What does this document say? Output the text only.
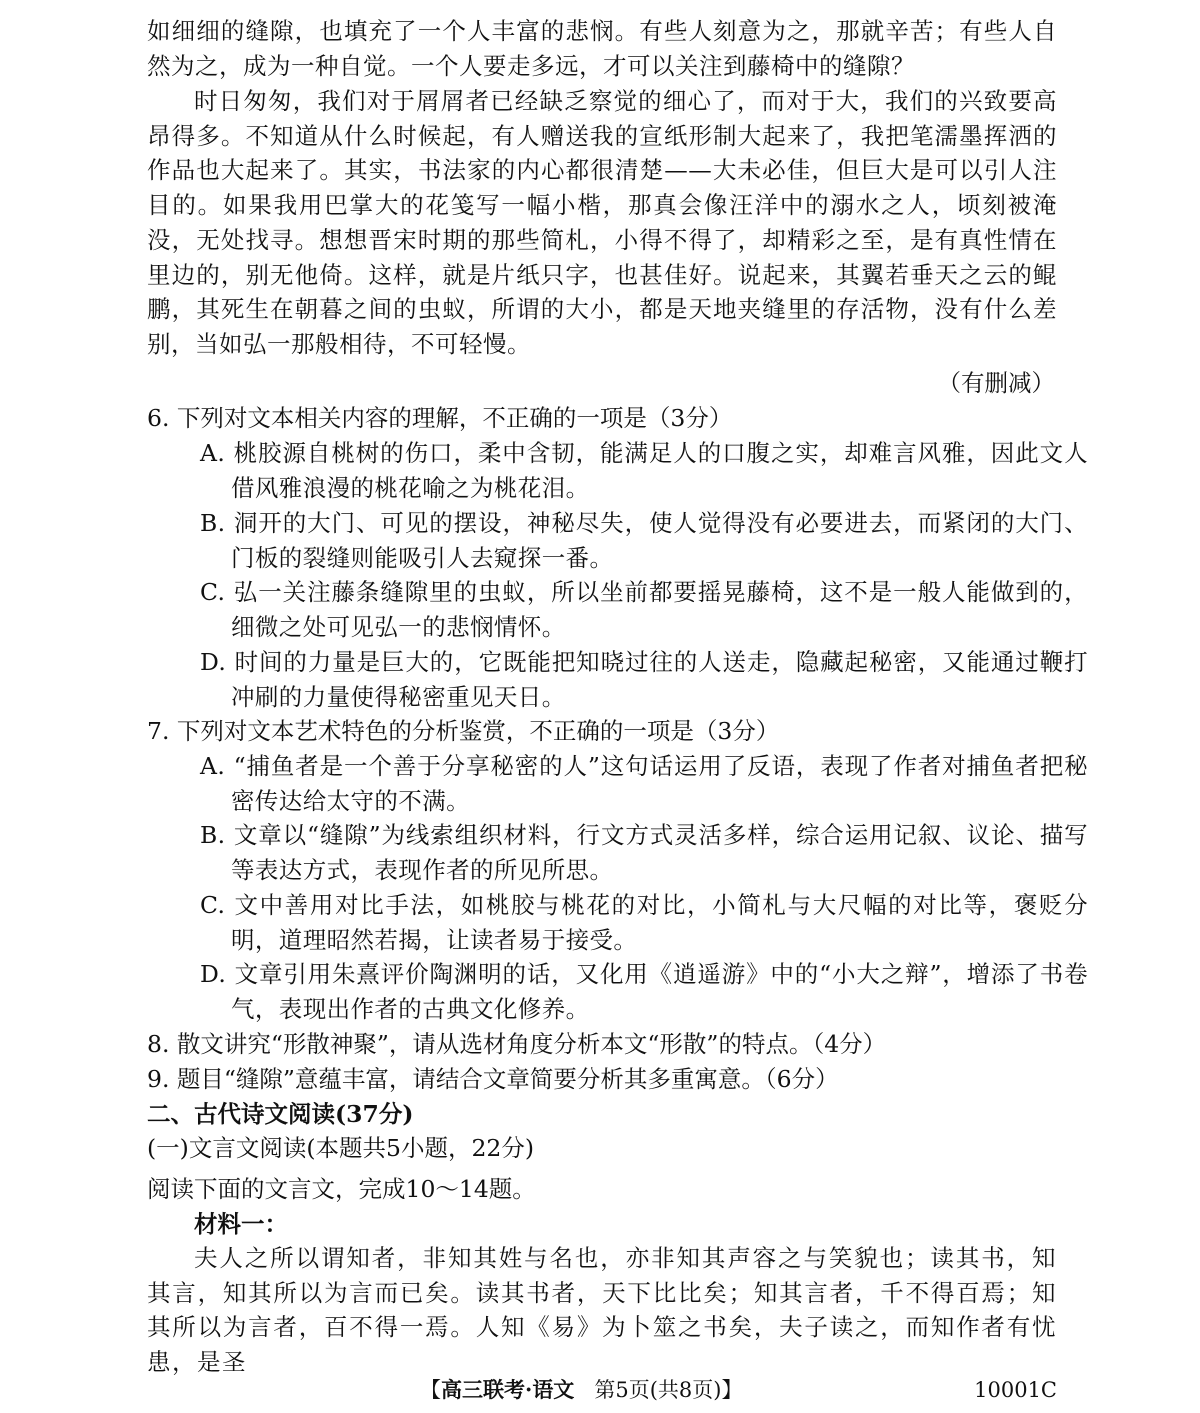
如细细的缝隙，也填充了一个人丰富的悲悯。有些人刻意为之，那就辛苦；有些人自然为之，成为一种自觉。一个人要走多远，才可以关注到藤椅中的缝隙？
时日匆匆，我们对于屑屑者已经缺乏察觉的细心了，而对于大，我们的兴致要高昂得多。不知道从什么时候起，有人赠送我的宣纸形制大起来了，我把笔濡墨挥洒的作品也大起来了。其实，书法家的内心都很清楚——大未必佳，但巨大是可以引人注目的。如果我用巴掌大的花笺写一幅小楷，那真会像汪洋中的溺水之人，顷刻被淹没，无处找寻。想想晋宋时期的那些简札，小得不得了，却精彩之至，是有真性情在里边的，别无他倚。这样，就是片纸只字，也甚佳好。说起来，其翼若垂天之云的鲲鹏，其死生在朝暮之间的虫蚁，所谓的大小，都是天地夹缝里的存活物，没有什么差别，当如弘一那般相待，不可轻慢。
（有删减）
6. 下列对文本相关内容的理解，不正确的一项是（3分）
A. 桃胶源自桃树的伤口，柔中含韧，能满足人的口腹之实，却难言风雅，因此文人借风雅浪漫的桃花喻之为桃花泪。
B. 洞开的大门、可见的摆设，神秘尽失，使人觉得没有必要进去，而紧闭的大门、门板的裂缝则能吸引人去窥探一番。
C. 弘一关注藤条缝隙里的虫蚁，所以坐前都要摇晃藤椅，这不是一般人能做到的，细微之处可见弘一的悲悯情怀。
D. 时间的力量是巨大的，它既能把知晓过往的人送走，隐藏起秘密，又能通过鞭打冲刷的力量使得秘密重见天日。
7. 下列对文本艺术特色的分析鉴赏，不正确的一项是（3分）
A. “捕鱼者是一个善于分享秘密的人”这句话运用了反语，表现了作者对捕鱼者把秘密传达给太守的不满。
B. 文章以“缝隙”为线索组织材料，行文方式灵活多样，综合运用记叙、议论、描写等表达方式，表现作者的所见所思。
C. 文中善用对比手法，如桃胶与桃花的对比，小简札与大尺幅的对比等，褒贬分明，道理昭然若揭，让读者易于接受。
D. 文章引用朱熹评价陶渊明的话，又化用《逍遥游》中的“小大之辩”，增添了书卷气，表现出作者的古典文化修养。
8. 散文讲究“形散神聚”，请从选材角度分析本文“形散”的特点。（4分）
9. 题目“缝隙”意蕴丰富，请结合文章简要分析其多重寓意。（6分）
二、古代诗文阅读(37分)
(一)文言文阅读(本题共5小题，22分)
阅读下面的文言文，完成10～14题。
材料一：
夫人之所以谓知者，非知其姓与名也，亦非知其声容之与笑貌也；读其书，知其言，知其所以为言而已矣。读其书者，天下比比矣；知其言者，千不得百焉；知其所以为言者，百不得一焉。人知《易》为卜筮之书矣，夫子读之，而知作者有忧患，是圣
【高三联考·语文 第5页(共8页)】	10001C
